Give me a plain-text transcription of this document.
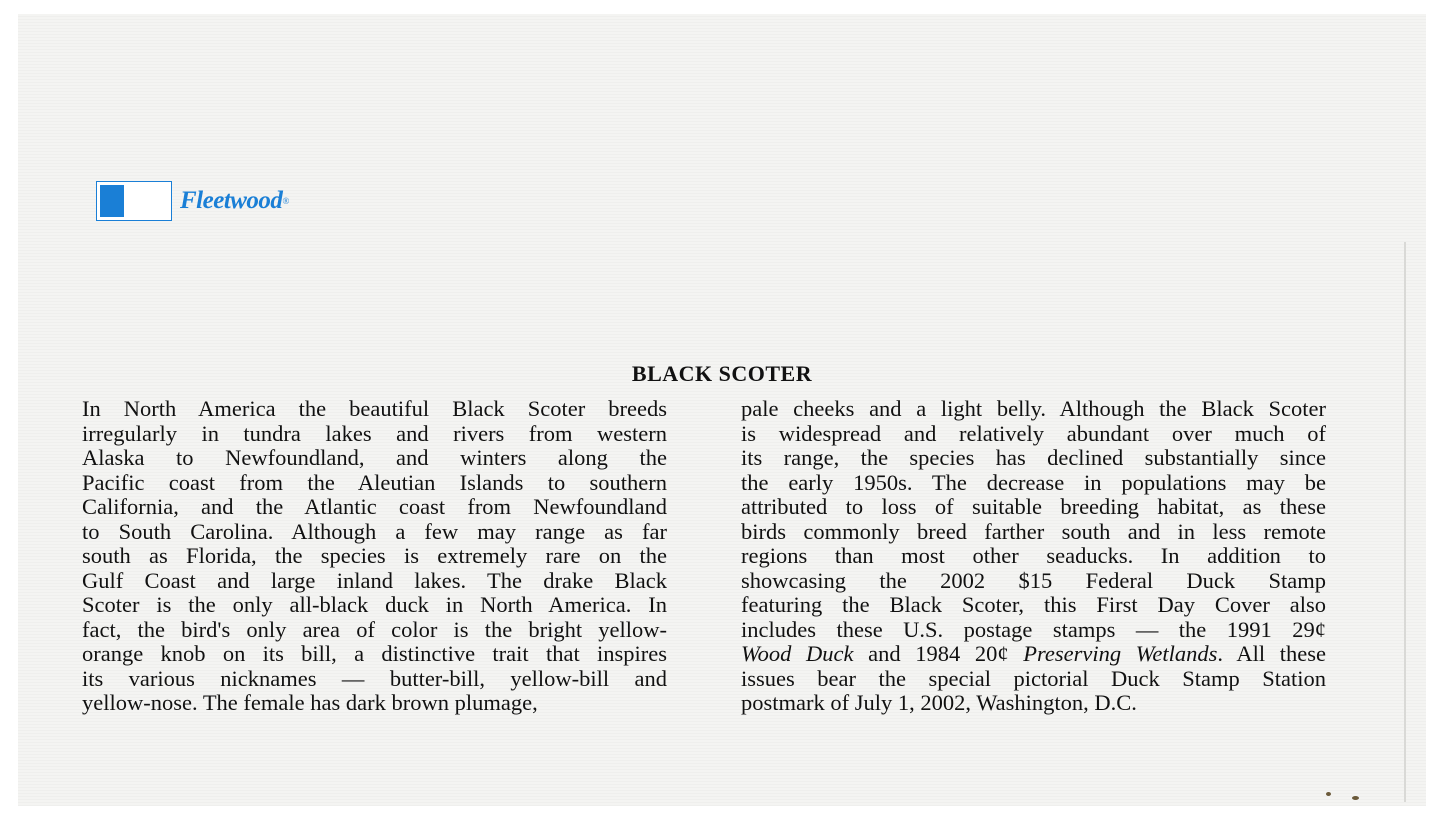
Fleetwood ®
BLACK SCOTER
In North America the beautiful Black Scoter breeds
irregularly in tundra lakes and rivers from western
Alaska to Newfoundland, and winters along the
Pacific coast from the Aleutian Islands to southern
California, and the Atlantic coast from Newfoundland
to South Carolina. Although a few may range as far
south as Florida, the species is extremely rare on the
Gulf Coast and large inland lakes. The drake Black
Scoter is the only all-black duck in North America. In
fact, the bird's only area of color is the bright yellow-
orange knob on its bill, a distinctive trait that inspires
its various nicknames — butter-bill, yellow-bill and
yellow-nose. The female has dark brown plumage,
pale cheeks and a light belly. Although the Black Scoter
is widespread and relatively abundant over much of
its range, the species has declined substantially since
the early 1950s. The decrease in populations may be
attributed to loss of suitable breeding habitat, as these
birds commonly breed farther south and in less remote
regions than most other seaducks. In addition to
showcasing the 2002 $15 Federal Duck Stamp
featuring the Black Scoter, this First Day Cover also
includes these U.S. postage stamps — the 1991 29¢
Wood Duck and 1984 20¢ Preserving Wetlands. All these
issues bear the special pictorial Duck Stamp Station
postmark of July 1, 2002, Washington, D.C.
